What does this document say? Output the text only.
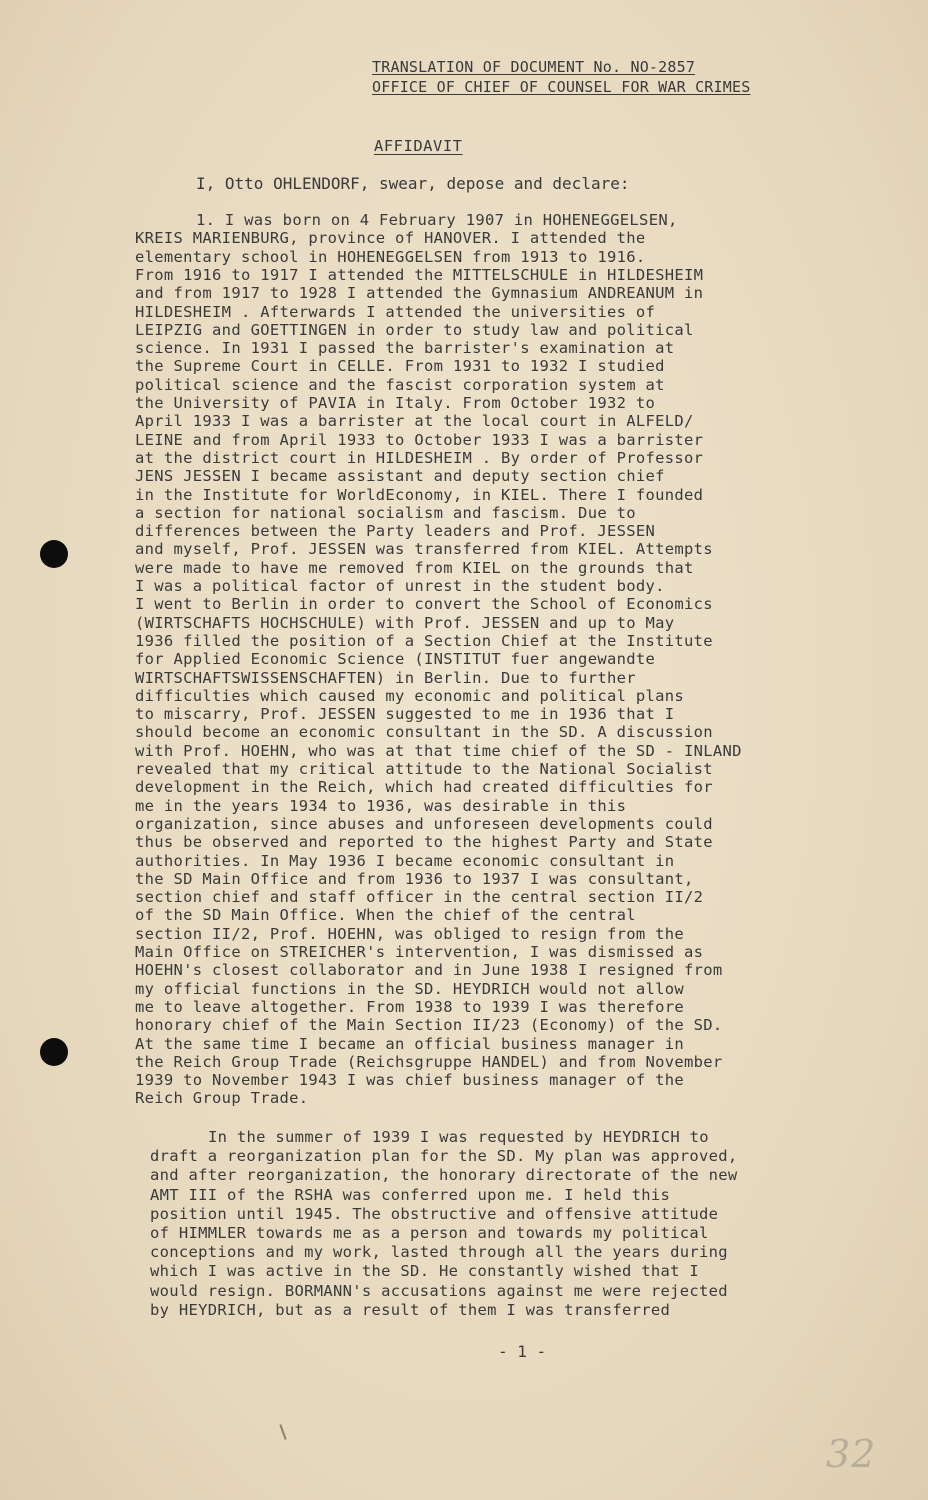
TRANSLATION OF DOCUMENT No. NO-2857
OFFICE OF CHIEF OF COUNSEL FOR WAR CRIMES
AFFIDAVIT
I, Otto OHLENDORF, swear, depose and declare:
1. I was born on 4 February 1907 in HOHENEGGELSEN,
KREIS MARIENBURG, province of HANOVER. I attended the
elementary school in HOHENEGGELSEN from 1913 to 1916.
From 1916 to 1917 I attended the MITTELSCHULE in HILDESHEIM
and from 1917 to 1928 I attended the Gymnasium ANDREANUM in
HILDESHEIM . Afterwards I attended the universities of
LEIPZIG and GOETTINGEN in order to study law and political
science. In 1931 I passed the barrister's examination at
the Supreme Court in CELLE. From 1931 to 1932 I studied
political science and the fascist corporation system at
the University of PAVIA in Italy. From October 1932 to
April 1933 I was a barrister at the local court in ALFELD/
LEINE and from April 1933 to October 1933 I was a barrister
at the district court in HILDESHEIM . By order of Professor
JENS JESSEN I became assistant and deputy section chief
in the Institute for WorldEconomy, in KIEL. There I founded
a section for national socialism and fascism. Due to
differences between the Party leaders and Prof. JESSEN
and myself, Prof. JESSEN was transferred from KIEL. Attempts
were made to have me removed from KIEL on the grounds that
I was a political factor of unrest in the student body.
I went to Berlin in order to convert the School of Economics
(WIRTSCHAFTS HOCHSCHULE) with Prof. JESSEN and up to May
1936 filled the position of a Section Chief at the Institute
for Applied Economic Science (INSTITUT fuer angewandte
WIRTSCHAFTSWISSENSCHAFTEN) in Berlin. Due to further
difficulties which caused my economic and political plans
to miscarry, Prof. JESSEN suggested to me in 1936 that I
should become an economic consultant in the SD. A discussion
with Prof. HOEHN, who was at that time chief of the SD - INLAND
revealed that my critical attitude to the National Socialist
development in the Reich, which had created difficulties for
me in the years 1934 to 1936, was desirable in this
organization, since abuses and unforeseen developments could
thus be observed and reported to the highest Party and State
authorities. In May 1936 I became economic consultant in
the SD Main Office and from 1936 to 1937 I was consultant,
section chief and staff officer in the central section II/2
of the SD Main Office. When the chief of the central
section II/2, Prof. HOEHN, was obliged to resign from the
Main Office on STREICHER's intervention, I was dismissed as
HOEHN's closest collaborator and in June 1938 I resigned from
my official functions in the SD. HEYDRICH would not allow
me to leave altogether. From 1938 to 1939 I was therefore
honorary chief of the Main Section II/23 (Economy) of the SD.
At the same time I became an official business manager in
the Reich Group Trade (Reichsgruppe HANDEL) and from November
1939 to November 1943 I was chief business manager of the
Reich Group Trade.
In the summer of 1939 I was requested by HEYDRICH to
draft a reorganization plan for the SD. My plan was approved,
and after reorganization, the honorary directorate of the new
AMT III of the RSHA was conferred upon me. I held this
position until 1945. The obstructive and offensive attitude
of HIMMLER towards me as a person and towards my political
conceptions and my work, lasted through all the years during
which I was active in the SD. He constantly wished that I
would resign. BORMANN's accusations against me were rejected
by HEYDRICH, but as a result of them I was transferred
- 1 -
32
